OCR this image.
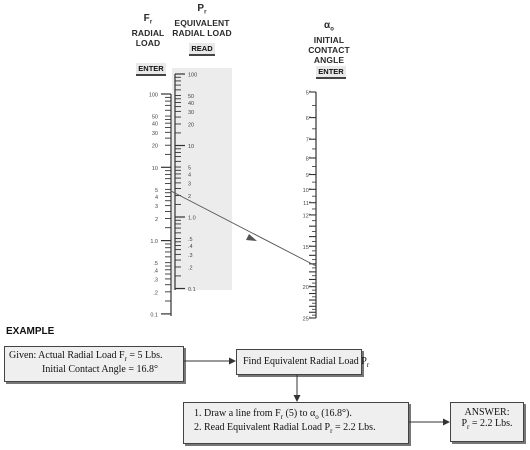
$F_r$
RADIAL
LOAD
$P_r$
EQUIVALENT
RADIAL LOAD
$\alpha_o$
INITIAL
CONTACT
ANGLE
ENTER
READ
ENTER
100
50
40
30
20
10
5
4
3
2
1.0
.5
.4
.3
.2
0.1
100
50
40
30
20
10
5
4
3
2
1.0
.5
.4
.3
.2
0.1
5°
6°
7°
8°
9°
10°
11°
12°
15°
20°
25°
EXAMPLE
Given: Actual Radial Load $F_r = 5$ Lbs.
Initial Contact Angle = 16.8°
Find Equivalent Radial Load $P_r$
1. Draw a line from $F_r$ (5) to $\alpha_o$ (16.8°).
2. Read Equivalent Radial Load $P_r = 2.2$ Lbs.
ANSWER:
$P_r = 2.2$ Lbs.
